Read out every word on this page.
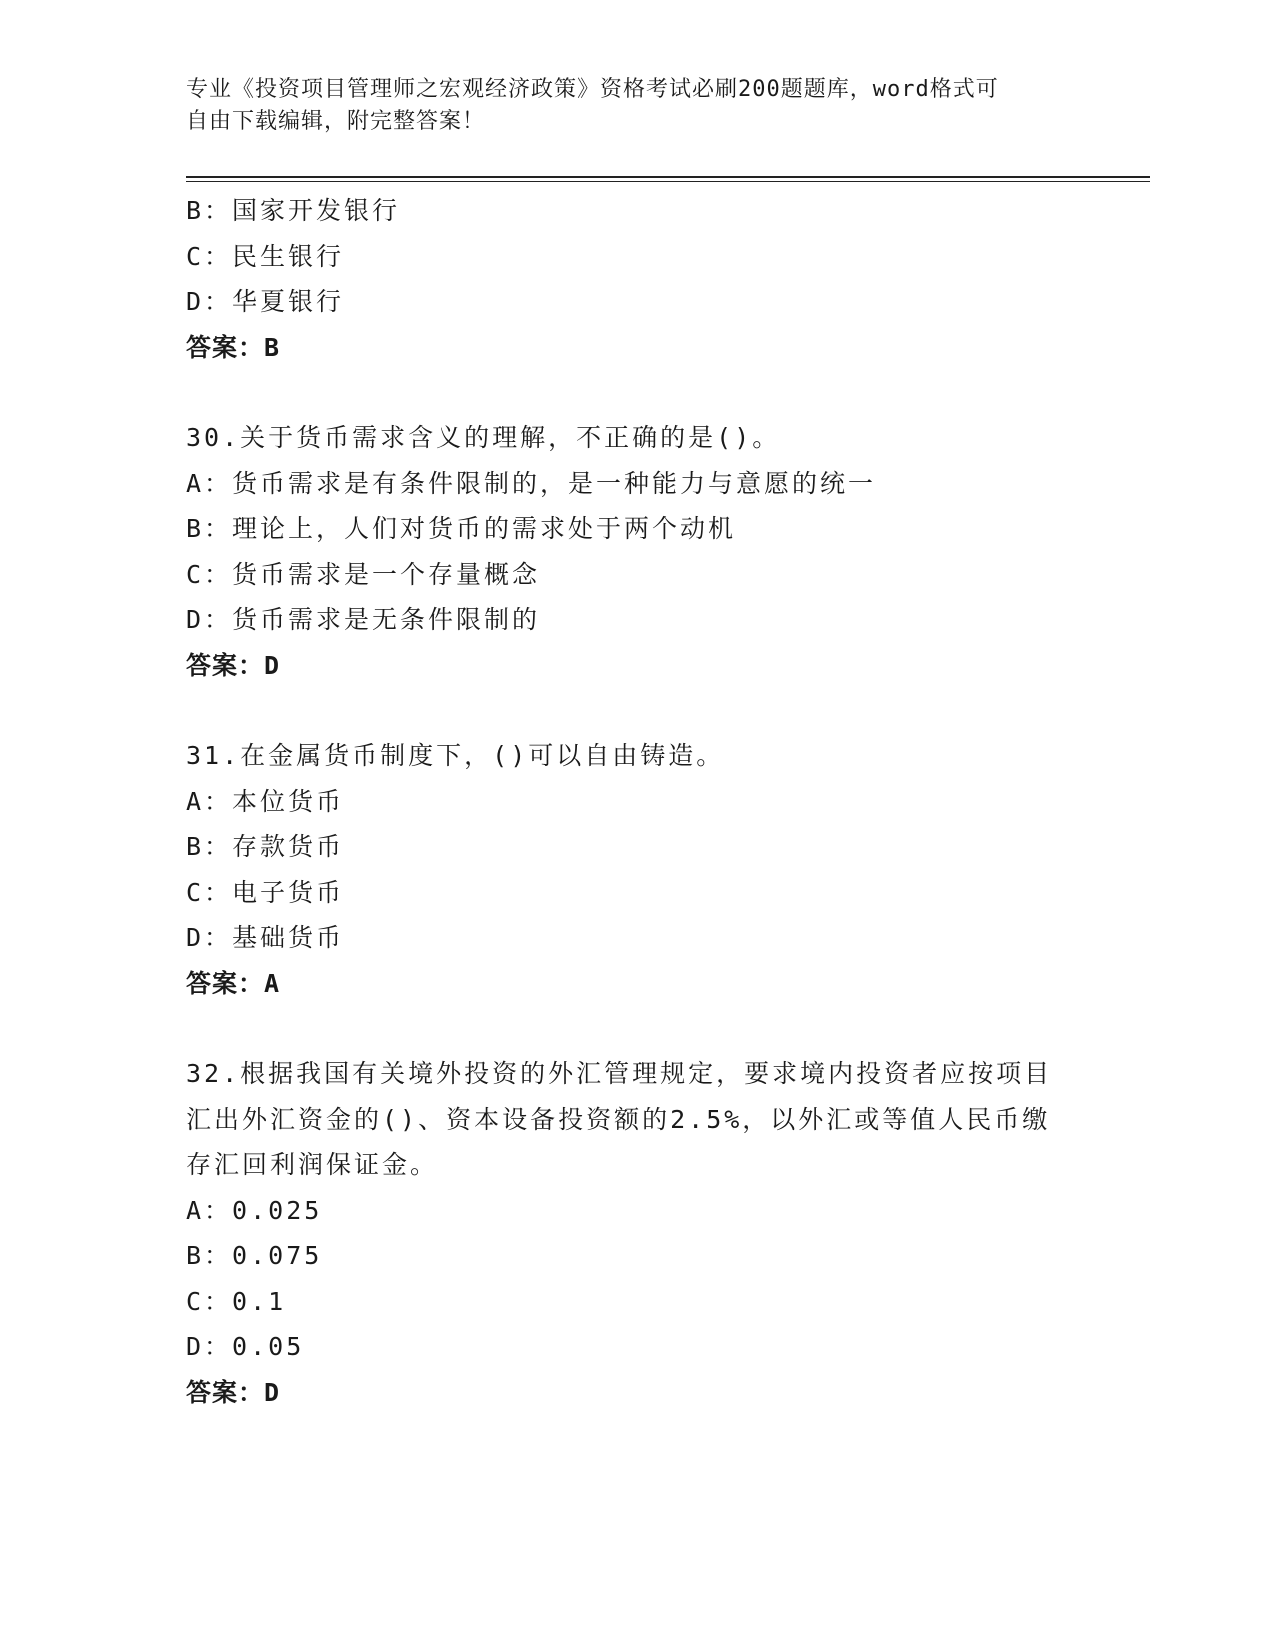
专业《投资项目管理师之宏观经济政策》资格考试必刷200题题库，word格式可
自由下载编辑，附完整答案！
B：国家开发银行
C：民生银行
D：华夏银行
答案：B
30.关于货币需求含义的理解，不正确的是()。
A：货币需求是有条件限制的，是一种能力与意愿的统一
B：理论上，人们对货币的需求处于两个动机
C：货币需求是一个存量概念
D：货币需求是无条件限制的
答案：D
31.在金属货币制度下，()可以自由铸造。
A：本位货币
B：存款货币
C：电子货币
D：基础货币
答案：A
32.根据我国有关境外投资的外汇管理规定，要求境内投资者应按项目
汇出外汇资金的()、资本设备投资额的2.5%，以外汇或等值人民币缴
存汇回利润保证金。
A：0.025
B：0.075
C：0.1
D：0.05
答案：D
